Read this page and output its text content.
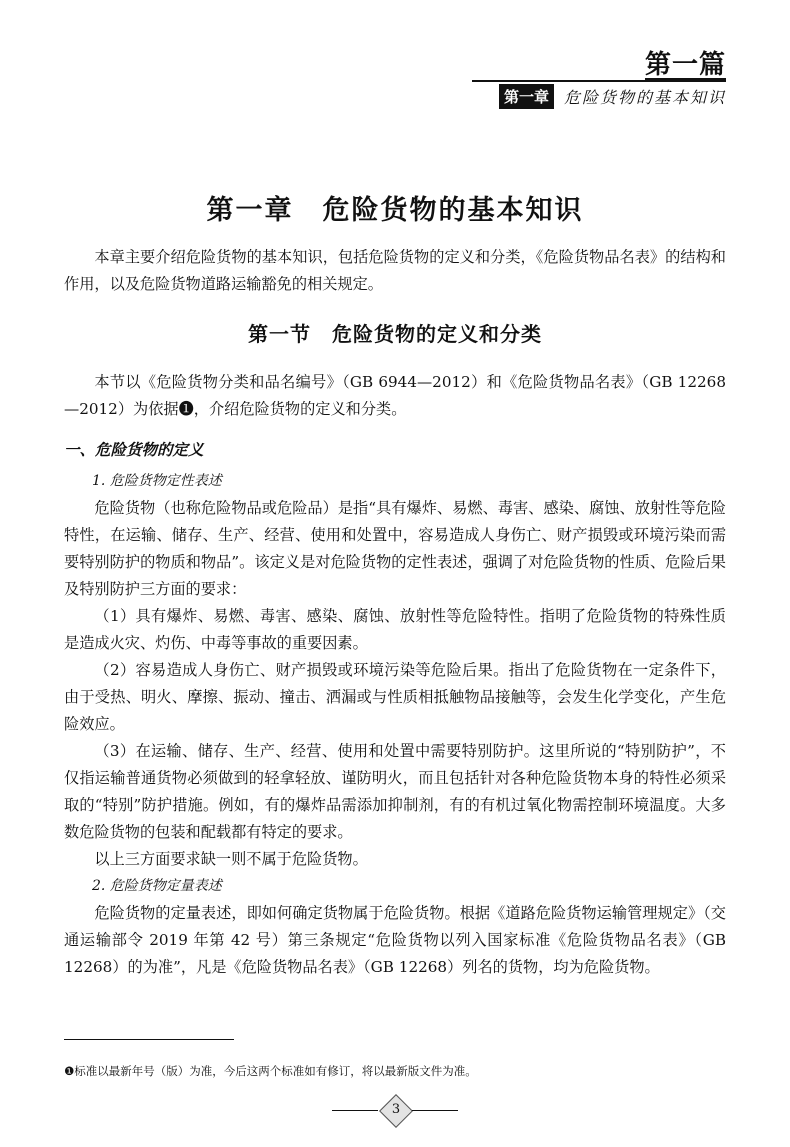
第一篇
第一章 危险货物的基本知识
第一章　危险货物的基本知识

本章主要介绍危险货物的基本知识，包括危险货物的定义和分类，《危险货物品名表》的结构和作用，以及危险货物道路运输豁免的相关规定。

第一节　危险货物的定义和分类

本节以《危险货物分类和品名编号》（GB 6944—2012）和《危险货物品名表》（GB 12268—2012）为依据❶，介绍危险货物的定义和分类。

一、危险货物的定义
1. 危险货物定性表述

危险货物（也称危险物品或危险品）是指“具有爆炸、易燃、毒害、感染、腐蚀、放射性等危险特性，在运输、储存、生产、经营、使用和处置中，容易造成人身伤亡、财产损毁或环境污染而需要特别防护的物质和物品”。该定义是对危险货物的定性表述，强调了对危险货物的性质、危险后果及特别防护三方面的要求：

（1）具有爆炸、易燃、毒害、感染、腐蚀、放射性等危险特性。指明了危险货物的特殊性质是造成火灾、灼伤、中毒等事故的重要因素。

（2）容易造成人身伤亡、财产损毁或环境污染等危险后果。指出了危险货物在一定条件下，由于受热、明火、摩擦、振动、撞击、洒漏或与性质相抵触物品接触等，会发生化学变化，产生危险效应。

（3）在运输、储存、生产、经营、使用和处置中需要特别防护。这里所说的“特别防护”，不仅指运输普通货物必须做到的轻拿轻放、谨防明火，而且包括针对各种危险货物本身的特性必须采取的“特别”防护措施。例如，有的爆炸品需添加抑制剂，有的有机过氧化物需控制环境温度。大多数危险货物的包装和配载都有特定的要求。

以上三方面要求缺一则不属于危险货物。

2. 危险货物定量表述

危险货物的定量表述，即如何确定货物属于危险货物。根据《道路危险货物运输管理规定》（交通运输部令 2019 年第 42 号）第三条规定“危险货物以列入国家标准《危险货物品名表》（GB 12268）的为准”，凡是《危险货物品名表》（GB 12268）列名的货物，均为危险货物。

❶标准以最新年号（版）为准，今后这两个标准如有修订，将以最新版文件为准。
3
